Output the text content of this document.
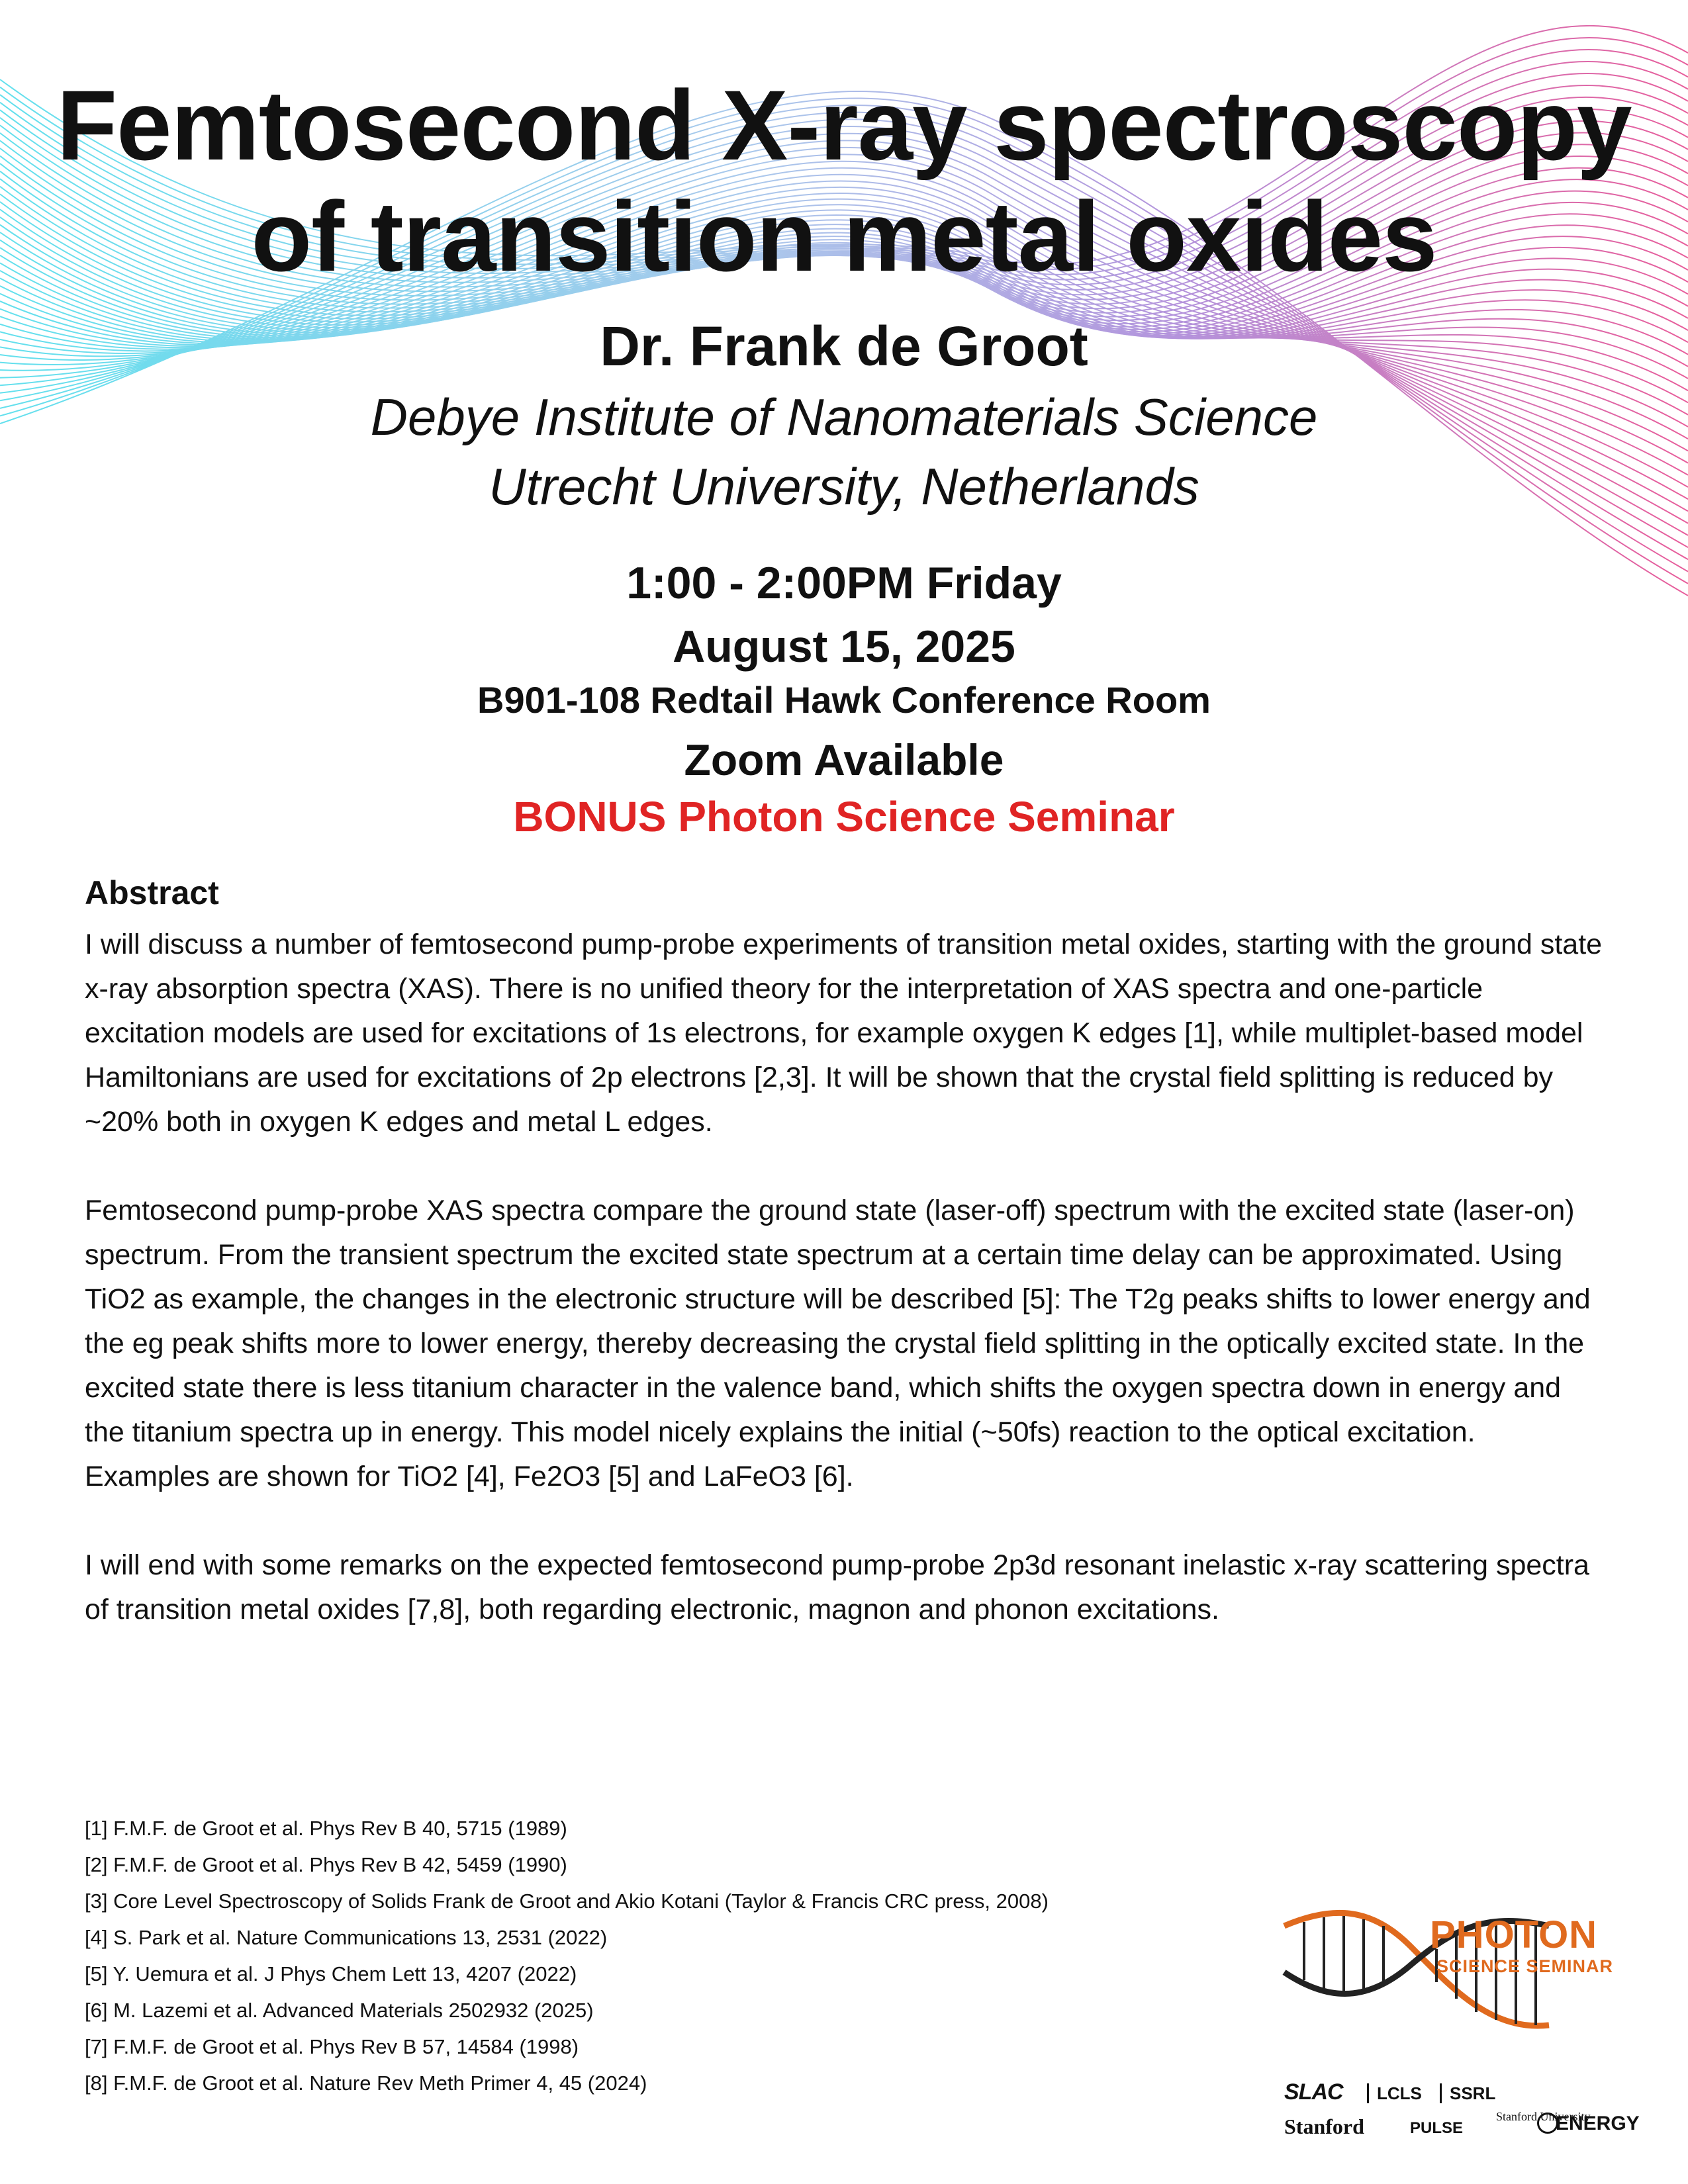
Femtosecond X-ray spectroscopy
of transition metal oxides
Dr. Frank de Groot
Debye Institute of Nanomaterials Science
Utrecht University, Netherlands
1:00 - 2:00PM Friday
August 15, 2025
B901-108 Redtail Hawk Conference Room
Zoom Available
BONUS Photon Science Seminar
Abstract

I will discuss a number of femtosecond pump-probe experiments of transition metal oxides, starting with the ground state x-ray absorption spectra (XAS). There is no unified theory for the interpretation of XAS spectra and one-particle excitation models are used for excitations of 1s electrons, for example oxygen K edges [1], while multiplet-based model Hamiltonians are used for excitations of 2p electrons [2,3]. It will be shown that the crystal field splitting is reduced by ~20% both in oxygen K edges and metal L edges.

Femtosecond pump-probe XAS spectra compare the ground state (laser-off) spectrum with the excited state (laser-on) spectrum. From the transient spectrum the excited state spectrum at a certain time delay can be approximated. Using TiO2 as example, the changes in the electronic structure will be described [5]: The T2g peaks shifts to lower energy and the eg peak shifts more to lower energy, thereby decreasing the crystal field splitting in the optically excited state. In the excited state there is less titanium character in the valence band, which shifts the oxygen spectra down in energy and the titanium spectra up in energy. This model nicely explains the initial (~50fs) reaction to the optical excitation. Examples are shown for TiO2 [4], Fe2O3 [5] and LaFeO3 [6].

I will end with some remarks on the expected femtosecond pump-probe 2p3d resonant inelastic x-ray scattering spectra of transition metal oxides [7,8], both regarding electronic, magnon and phonon excitations.

[1] F.M.F. de Groot et al. Phys Rev B 40, 5715 (1989)
[2] F.M.F. de Groot et al. Phys Rev B 42, 5459 (1990)
[3] Core Level Spectroscopy of Solids Frank de Groot and Akio Kotani (Taylor & Francis CRC press, 2008)
[4] S. Park et al. Nature Communications 13, 2531 (2022)
[5] Y. Uemura et al. J Phys Chem Lett 13, 4207 (2022)
[6] M. Lazemi et al. Advanced Materials 2502932 (2025)
[7] F.M.F. de Groot et al. Phys Rev B 57, 14584 (1998)
[8] F.M.F. de Groot et al. Nature Rev Meth Primer 4, 45 (2024)
PHOTON
SCIENCE SEMINAR
SLAC LCLS SSRL
Stanford	PULSE
Stanford University
ENERGY
